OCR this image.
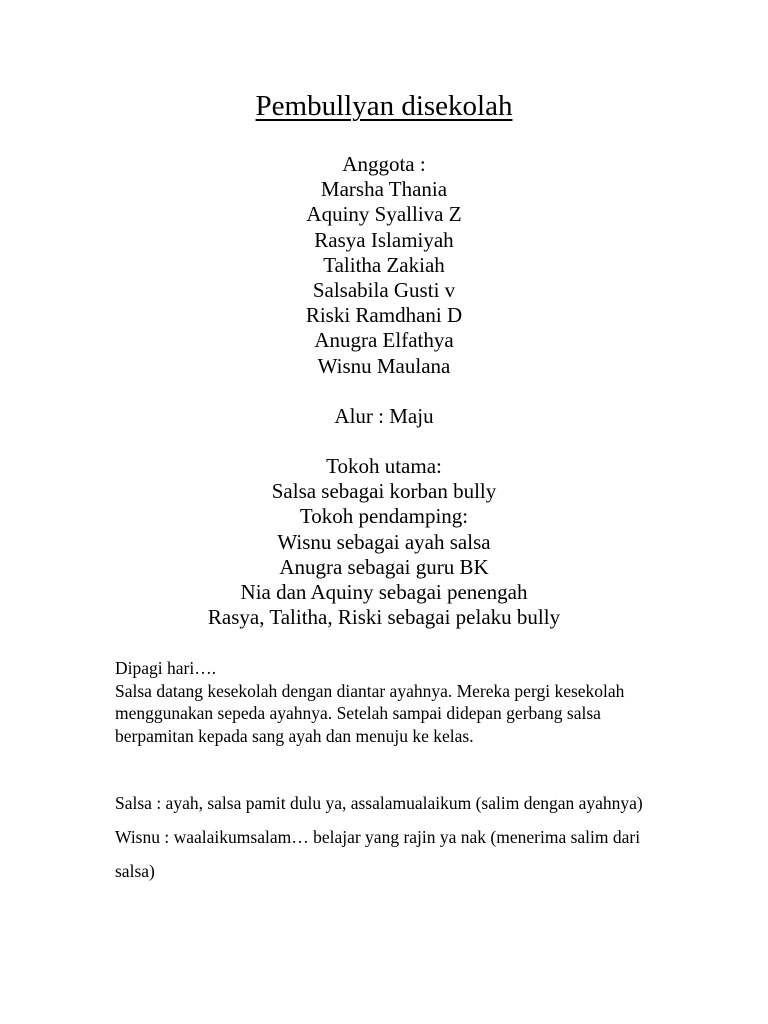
Pembullyan disekolah
Anggota :
Marsha Thania
Aquiny Syalliva Z
Rasya Islamiyah
Talitha Zakiah
Salsabila Gusti v
Riski Ramdhani D
Anugra Elfathya
Wisnu Maulana
Alur : Maju
Tokoh utama:
Salsa sebagai korban bully
Tokoh pendamping:
Wisnu sebagai ayah salsa
Anugra sebagai guru BK
Nia dan Aquiny sebagai penengah
Rasya, Talitha, Riski sebagai pelaku bully
Dipagi hari….
Salsa datang kesekolah dengan diantar ayahnya. Mereka pergi kesekolah menggunakan sepeda ayahnya. Setelah sampai didepan gerbang salsa berpamitan kepada sang ayah dan menuju ke kelas.

Salsa : ayah, salsa pamit dulu ya, assalamualaikum (salim dengan ayahnya)

Wisnu : waalaikumsalam… belajar yang rajin ya nak (menerima salim dari salsa)
